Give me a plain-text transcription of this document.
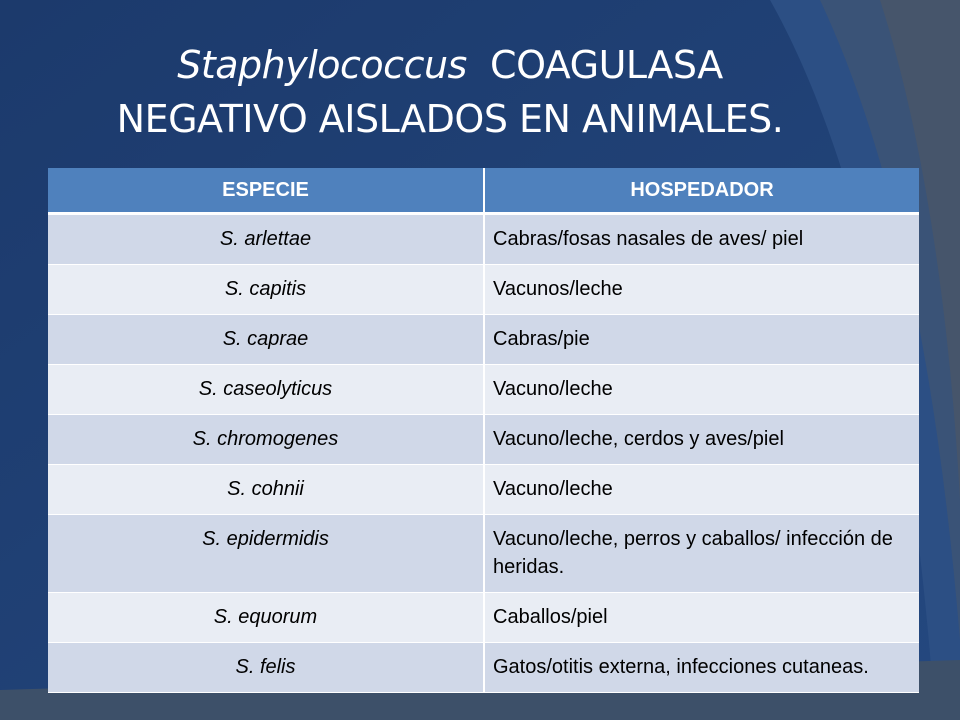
Staphylococcus COAGULASA
NEGATIVO AISLADOS EN ANIMALES.
ESPECIE	HOSPEDADOR
S. arlettae	Cabras/fosas nasales de aves/ piel
S. capitis	Vacunos/leche
S. caprae	Cabras/pie
S. caseolyticus	Vacuno/leche
S. chromogenes	Vacuno/leche, cerdos y aves/piel
S. cohnii	Vacuno/leche
S. epidermidis	Vacuno/leche, perros y caballos/ infección de heridas.
S. equorum	Caballos/piel
S. felis	Gatos/otitis externa, infecciones cutaneas.
